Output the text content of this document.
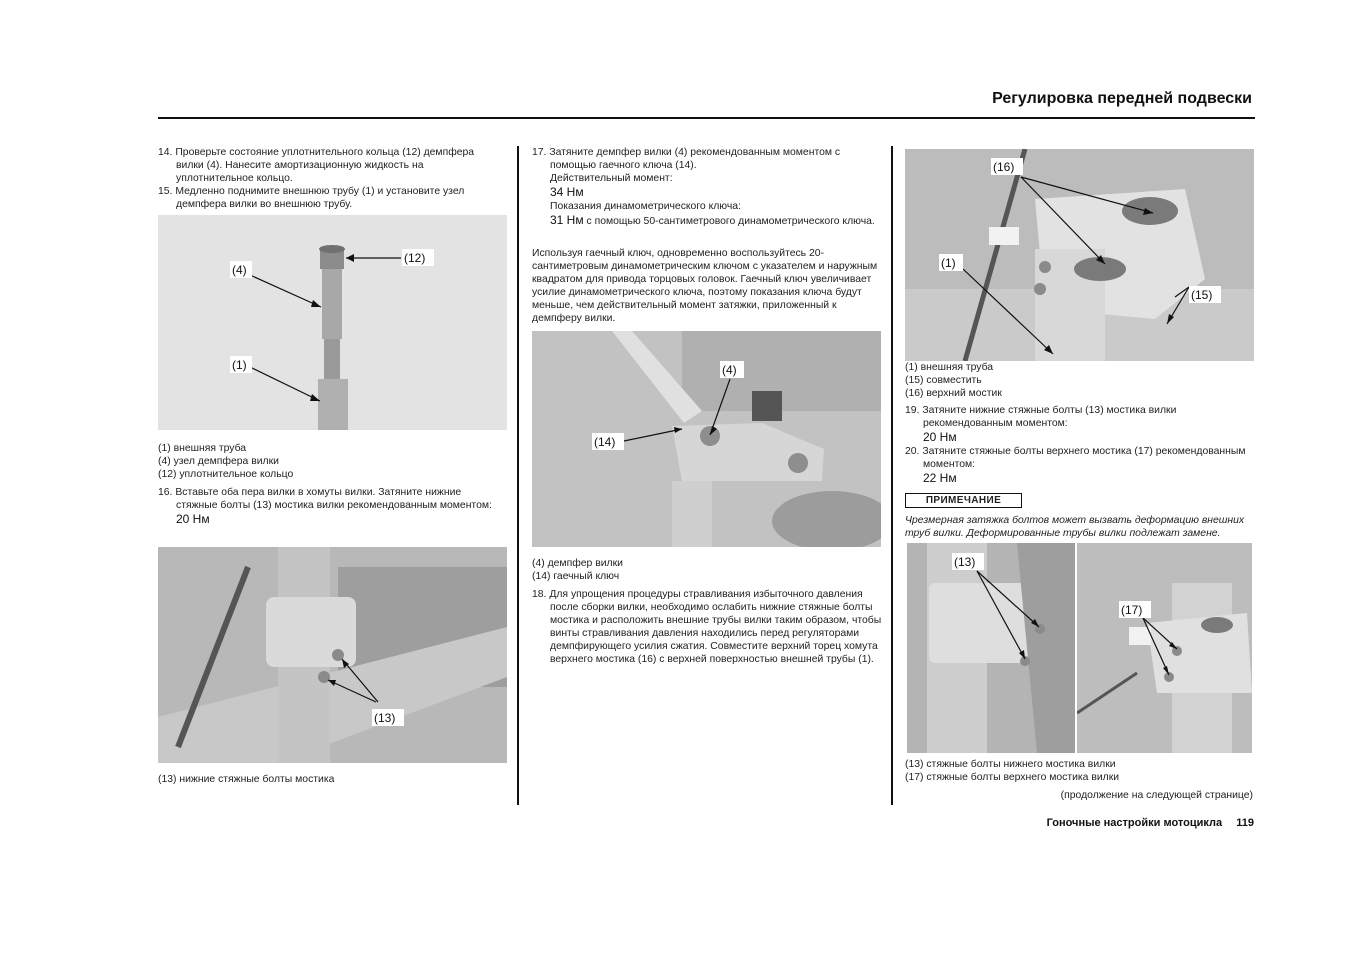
Регулировка передней подвески
14. Проверьте состояние уплотнительного кольца (12) демпфера вилки (4). Нанесите амортизационную жидкость на уплотнительное кольцо.
15. Медленно поднимите внешнюю трубу (1) и установите узел демпфера вилки во внешнюю трубу.
(4)
(12)
(1)
(1) внешняя труба
(4) узел демпфера вилки
(12) уплотнительное кольцо
16. Вставьте оба пера вилки в хомуты вилки. Затяните нижние стяжные болты (13) мостика вилки рекомендованным моментом:
20 Нм
(13)
(13) нижние стяжные болты мостика
17. Затяните демпфер вилки (4) рекомендованным моментом с помощью гаечного ключа (14).
Действительный момент:
34 Нм
Показания динамометрического ключа:
31 Нм с помощью 50-сантиметрового динамометрического ключа.
Используя гаечный ключ, одновременно воспользуйтесь 20-сантиметровым динамометрическим ключом с указателем и наружным квадратом для привода торцовых головок. Гаечный ключ увеличивает усилие динамометрического ключа, поэтому показания ключа будут меньше, чем действительный момент затяжки, приложенный к демпферу вилки.
(4)
(14)
(4) демпфер вилки
(14) гаечный ключ
18. Для упрощения процедуры стравливания избыточного давления после сборки вилки, необходимо ослабить нижние стяжные болты мостика и расположить внешние трубы вилки таким образом, чтобы винты стравливания давления находились перед регуляторами демпфирующего усилия сжатия. Совместите верхний торец хомута верхнего мостика (16) с верхней поверхностью внешней трубы (1).
(16)
(1)
(15)
(1) внешняя труба
(15) совместить
(16) верхний мостик
19. Затяните нижние стяжные болты (13) мостика вилки рекомендованным моментом:
20 Нм
20. Затяните стяжные болты верхнего мостика (17) рекомендованным моментом:
22 Нм
ПРИМЕЧАНИЕ
Чрезмерная затяжка болтов может вызвать деформацию внешних труб вилки. Деформированные трубы вилки подлежат замене.
(13)
(17)
(13) стяжные болты нижнего мостика вилки
(17) стяжные болты верхнего мостика вилки
(продолжение на следующей странице)
Гоночные настройки мотоцикла 119
